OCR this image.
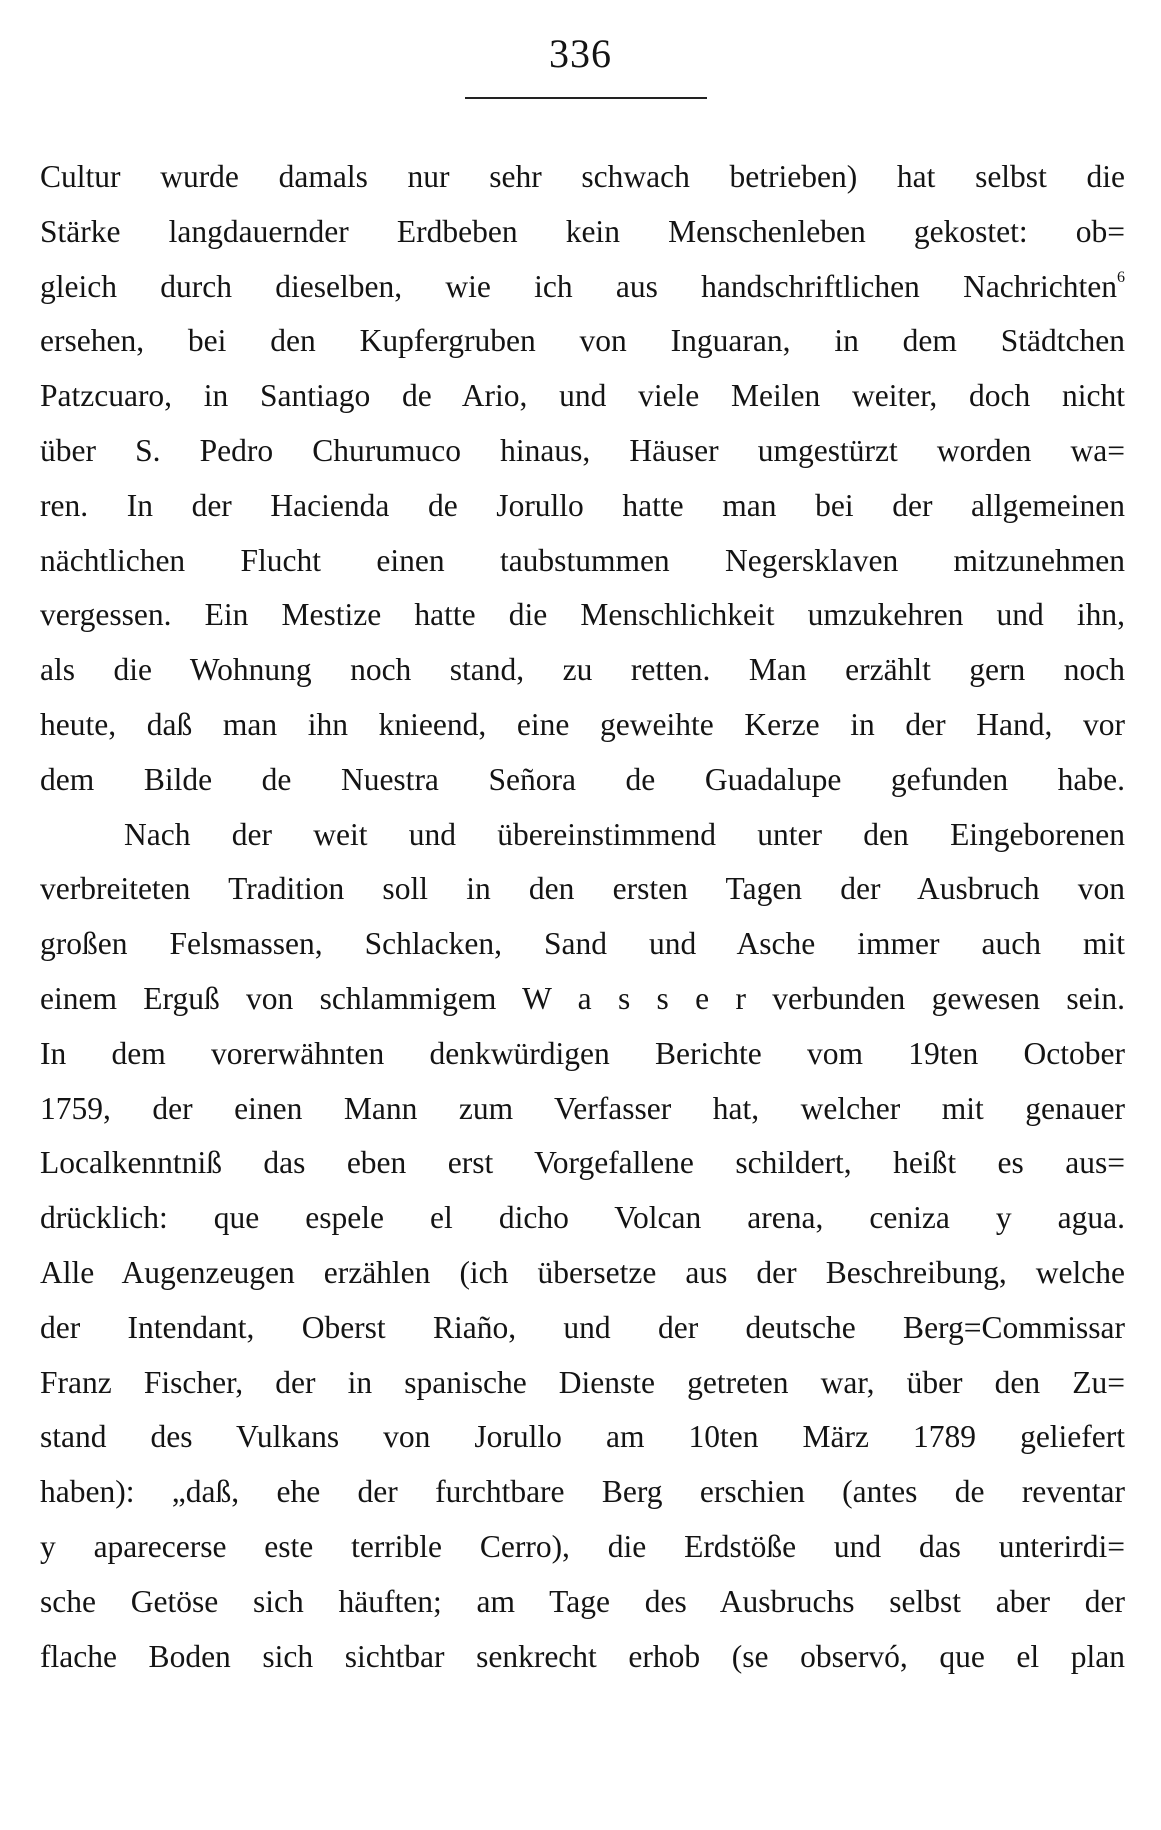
336
Cultur wurde damals nur sehr schwach betrieben) hat selbst die
Stärke langdauernder Erdbeben kein Menschenleben gekostet: ob=
gleich durch dieselben, wie ich aus handschriftlichen Nachrichten$^6$
ersehen, bei den Kupfergruben von Inguaran, in dem Städtchen
Patzcuaro, in Santiago de Ario, und viele Meilen weiter, doch nicht
über S. Pedro Churumuco hinaus, Häuser umgestürzt worden wa=
ren. In der Hacienda de Jorullo hatte man bei der allgemeinen
nächtlichen Flucht einen taubstummen Negersklaven mitzunehmen
vergessen. Ein Mestize hatte die Menschlichkeit umzukehren und ihn,
als die Wohnung noch stand, zu retten. Man erzählt gern noch
heute, daß man ihn knieend, eine geweihte Kerze in der Hand, vor
dem Bilde de Nuestra Señora de Guadalupe gefunden habe.
Nach der weit und übereinstimmend unter den Eingeborenen
verbreiteten Tradition soll in den ersten Tagen der Ausbruch von
großen Felsmassen, Schlacken, Sand und Asche immer auch mit
einem Erguß von schlammigem W a s s e r verbunden gewesen sein.
In dem vorerwähnten denkwürdigen Berichte vom 19ten October
1759, der einen Mann zum Verfasser hat, welcher mit genauer
Localkenntniß das eben erst Vorgefallene schildert, heißt es aus=
drücklich: que espele el dicho Volcan arena, ceniza y agua.
Alle Augenzeugen erzählen (ich übersetze aus der Beschreibung, welche
der Intendant, Oberst Riaño, und der deutsche Berg=Commissar
Franz Fischer, der in spanische Dienste getreten war, über den Zu=
stand des Vulkans von Jorullo am 10ten März 1789 geliefert
haben): „daß, ehe der furchtbare Berg erschien (antes de reventar
y aparecerse este terrible Cerro), die Erdstöße und das unterirdi=
sche Getöse sich häuften; am Tage des Ausbruchs selbst aber der
flache Boden sich sichtbar senkrecht erhob (se observó, que el plan
